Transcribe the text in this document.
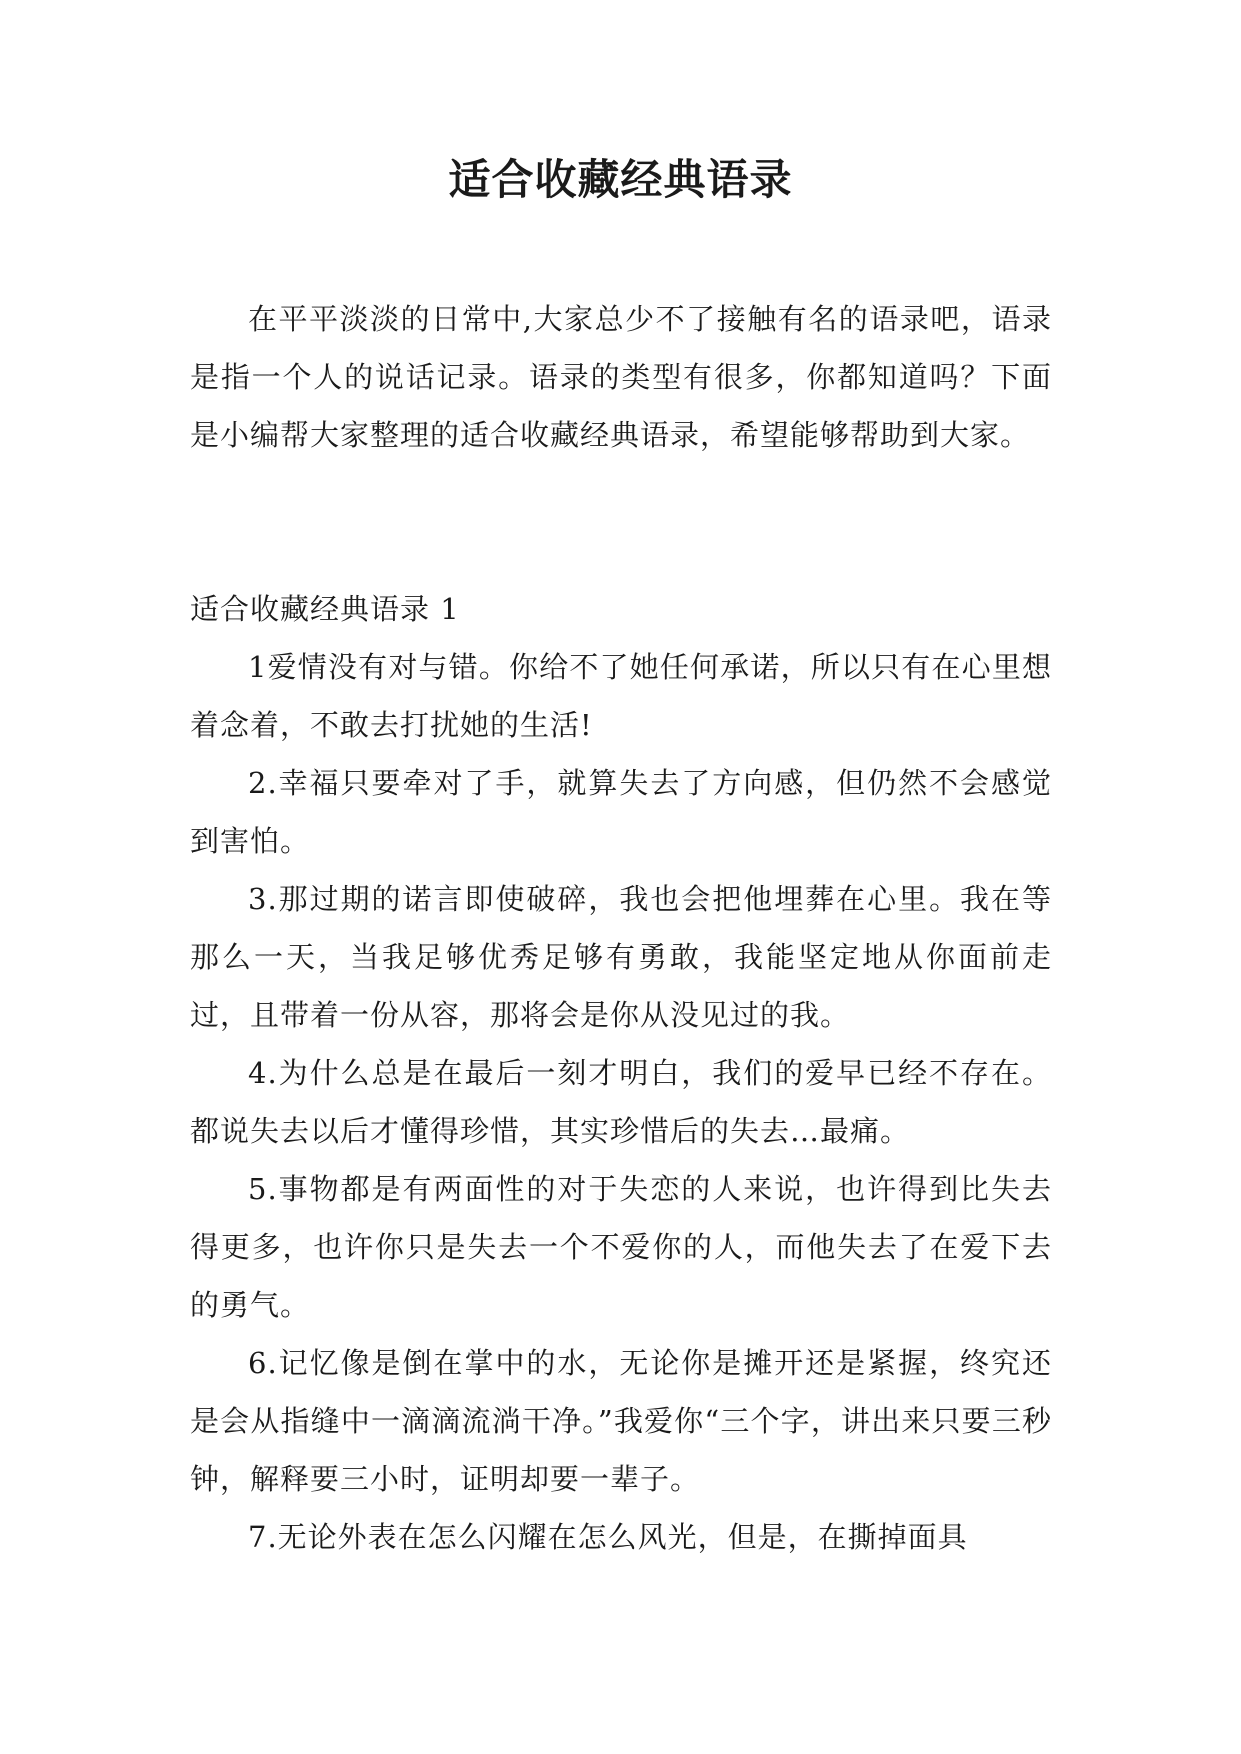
适合收藏经典语录

在平平淡淡的日常中,大家总少不了接触有名的语录吧，语录是指一个人的说话记录。语录的类型有很多，你都知道吗？下面是小编帮大家整理的适合收藏经典语录，希望能够帮助到大家。

适合收藏经典语录 1

1爱情没有对与错。你给不了她任何承诺，所以只有在心里想着念着，不敢去打扰她的生活!

2.幸福只要牵对了手，就算失去了方向感，但仍然不会感觉到害怕。

3.那过期的诺言即使破碎，我也会把他埋葬在心里。我在等那么一天，当我足够优秀足够有勇敢，我能坚定地从你面前走过，且带着一份从容，那将会是你从没见过的我。

4.为什么总是在最后一刻才明白，我们的爱早已经不存在。都说失去以后才懂得珍惜，其实珍惜后的失去…最痛。

5.事物都是有两面性的对于失恋的人来说，也许得到比失去得更多，也许你只是失去一个不爱你的人，而他失去了在爱下去的勇气。

6.记忆像是倒在掌中的水，无论你是摊开还是紧握，终究还是会从指缝中一滴滴流淌干净。”我爱你“三个字，讲出来只要三秒钟，解释要三小时，证明却要一辈子。

7.无论外表在怎么闪耀在怎么风光，但是，在撕掉面具
